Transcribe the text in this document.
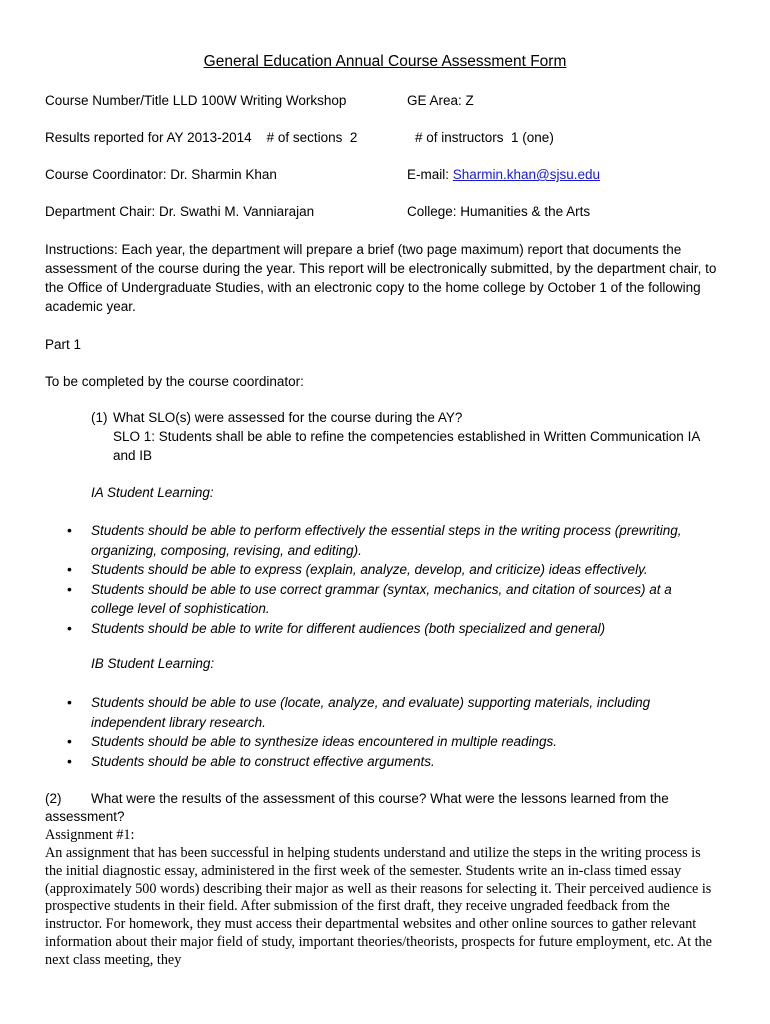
General Education Annual Course Assessment Form
Course Number/Title LLD 100W Writing Workshop	GE Area: Z
Results reported for AY 2013-2014    # of sections  2	# of instructors  1 (one)
Course Coordinator: Dr. Sharmin Khan	E-mail: Sharmin.khan@sjsu.edu
Department Chair: Dr. Swathi M. Vanniarajan	College: Humanities & the Arts
Instructions: Each year, the department will prepare a brief (two page maximum) report that documents the assessment of the course during the year. This report will be electronically submitted, by the department chair, to the Office of Undergraduate Studies, with an electronic copy to the home college by October 1 of the following academic year.
Part 1
To be completed by the course coordinator:
(1) What SLO(s) were assessed for the course during the AY?
SLO 1: Students shall be able to refine the competencies established in Written Communication IA and IB
IA Student Learning:
• Students should be able to perform effectively the essential steps in the writing process (prewriting, organizing, composing, revising, and editing).
• Students should be able to express (explain, analyze, develop, and criticize) ideas effectively.
• Students should be able to use correct grammar (syntax, mechanics, and citation of sources) at a college level of sophistication.
• Students should be able to write for different audiences (both specialized and general)
IB Student Learning:
• Students should be able to use (locate, analyze, and evaluate) supporting materials, including independent library research.
• Students should be able to synthesize ideas encountered in multiple readings.
• Students should be able to construct effective arguments.
(2) What were the results of the assessment of this course? What were the lessons learned from the assessment?
Assignment #1:
An assignment that has been successful in helping students understand and utilize the steps in the writing process is the initial diagnostic essay, administered in the first week of the semester. Students write an in-class timed essay (approximately 500 words) describing their major as well as their reasons for selecting it. Their perceived audience is prospective students in their field. After submission of the first draft, they receive ungraded feedback from the instructor. For homework, they must access their departmental websites and other online sources to gather relevant information about their major field of study, important theories/theorists, prospects for future employment, etc. At the next class meeting, they
